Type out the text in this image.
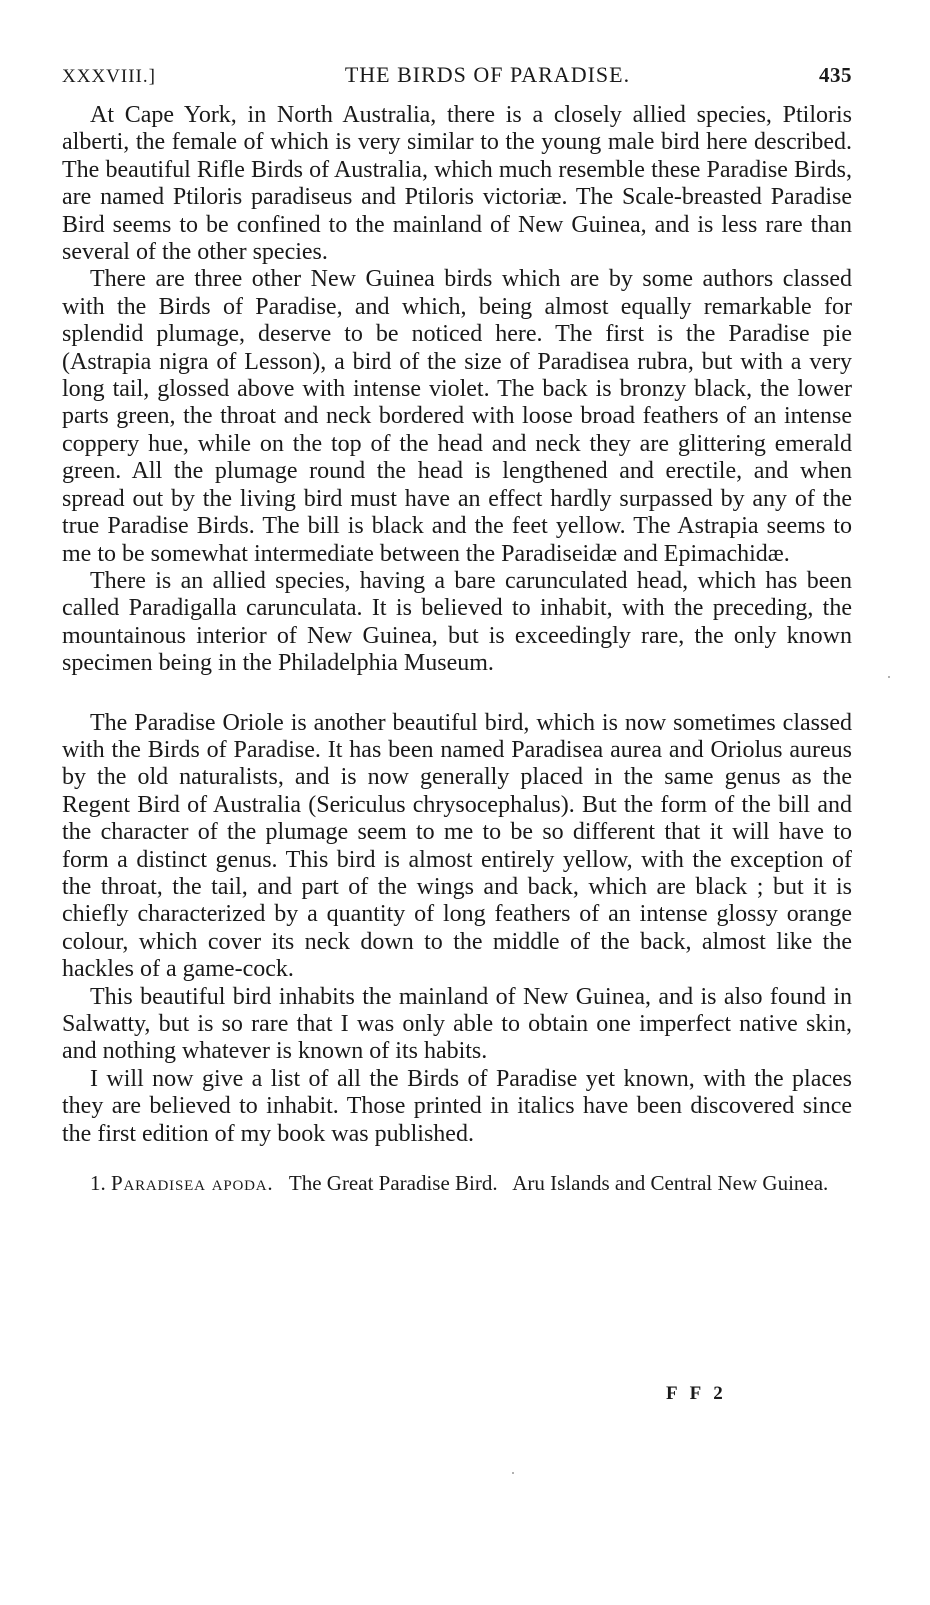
XXXVIII.]	THE BIRDS OF PARADISE.	435

At Cape York, in North Australia, there is a closely allied species, Ptiloris alberti, the female of which is very similar to the young male bird here described. The beautiful Rifle Birds of Australia, which much resemble these Paradise Birds, are named Ptiloris paradiseus and Ptiloris victoriæ. The Scale-breasted Paradise Bird seems to be confined to the mainland of New Guinea, and is less rare than several of the other species.

There are three other New Guinea birds which are by some authors classed with the Birds of Paradise, and which, being almost equally remarkable for splendid plumage, deserve to be noticed here. The first is the Paradise pie (Astrapia nigra of Lesson), a bird of the size of Paradisea rubra, but with a very long tail, glossed above with intense violet. The back is bronzy black, the lower parts green, the throat and neck bordered with loose broad feathers of an intense coppery hue, while on the top of the head and neck they are glittering emerald green. All the plumage round the head is lengthened and erectile, and when spread out by the living bird must have an effect hardly surpassed by any of the true Paradise Birds. The bill is black and the feet yellow. The Astrapia seems to me to be somewhat intermediate between the Paradiseidæ and Epimachidæ.

There is an allied species, having a bare carunculated head, which has been called Paradigalla carunculata. It is believed to inhabit, with the preceding, the mountainous interior of New Guinea, but is exceedingly rare, the only known specimen being in the Philadelphia Museum.

The Paradise Oriole is another beautiful bird, which is now sometimes classed with the Birds of Paradise. It has been named Paradisea aurea and Oriolus aureus by the old naturalists, and is now generally placed in the same genus as the Regent Bird of Australia (Sericulus chrysocephalus). But the form of the bill and the character of the plumage seem to me to be so different that it will have to form a distinct genus. This bird is almost entirely yellow, with the exception of the throat, the tail, and part of the wings and back, which are black ; but it is chiefly characterized by a quantity of long feathers of an intense glossy orange colour, which cover its neck down to the middle of the back, almost like the hackles of a game-cock.

This beautiful bird inhabits the mainland of New Guinea, and is also found in Salwatty, but is so rare that I was only able to obtain one imperfect native skin, and nothing whatever is known of its habits.

I will now give a list of all the Birds of Paradise yet known, with the places they are believed to inhabit. Those printed in italics have been discovered since the first edition of my book was published.

1. Paradisea apoda. The Great Paradise Bird. Aru Islands and Central New Guinea.

F F 2
